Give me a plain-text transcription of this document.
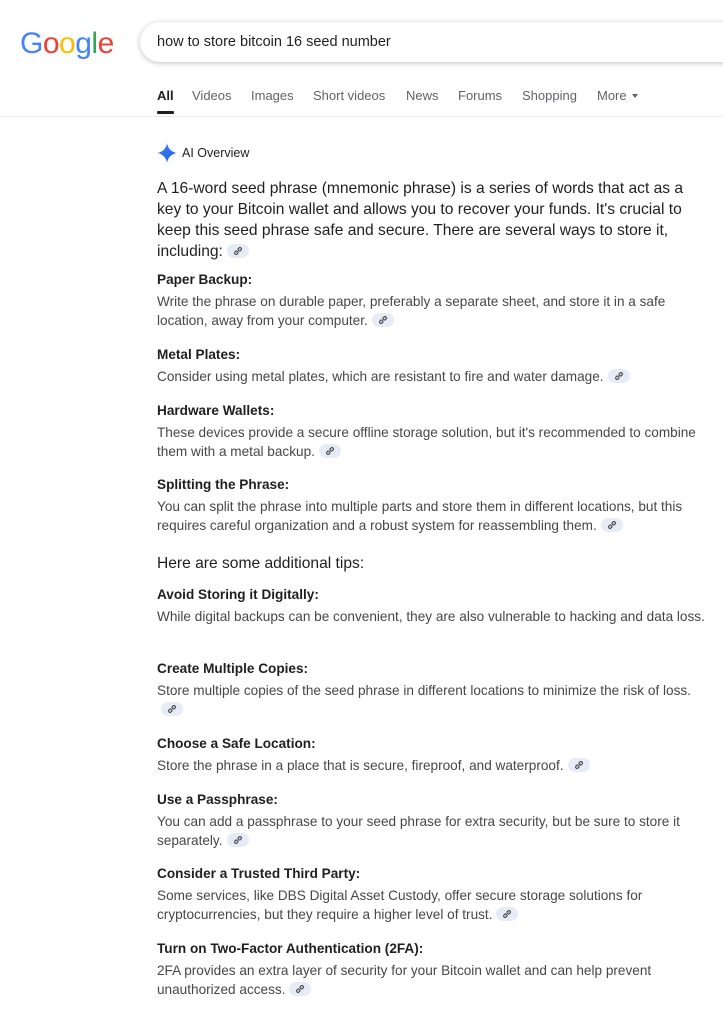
Google
how to store bitcoin 16 seed number
All Videos Images Short videos News Forums Shopping More
AI Overview
A 16-word seed phrase (mnemonic phrase) is a series of words that act as a key to your Bitcoin wallet and allows you to recover your funds. It's crucial to keep this seed phrase safe and secure. There are several ways to store it, including:
Paper Backup:
Write the phrase on durable paper, preferably a separate sheet, and store it in a safe location, away from your computer.
Metal Plates:
Consider using metal plates, which are resistant to fire and water damage.
Hardware Wallets:
These devices provide a secure offline storage solution, but it's recommended to combine them with a metal backup.
Splitting the Phrase:
You can split the phrase into multiple parts and store them in different locations, but this requires careful organization and a robust system for reassembling them.
Here are some additional tips:
Avoid Storing it Digitally:
While digital backups can be convenient, they are also vulnerable to hacking and data loss.
Create Multiple Copies:
Store multiple copies of the seed phrase in different locations to minimize the risk of loss.
Choose a Safe Location:
Store the phrase in a place that is secure, fireproof, and waterproof.
Use a Passphrase:
You can add a passphrase to your seed phrase for extra security, but be sure to store it separately.
Consider a Trusted Third Party:
Some services, like DBS Digital Asset Custody, offer secure storage solutions for cryptocurrencies, but they require a higher level of trust.
Turn on Two-Factor Authentication (2FA):
2FA provides an extra layer of security for your Bitcoin wallet and can help prevent unauthorized access.
